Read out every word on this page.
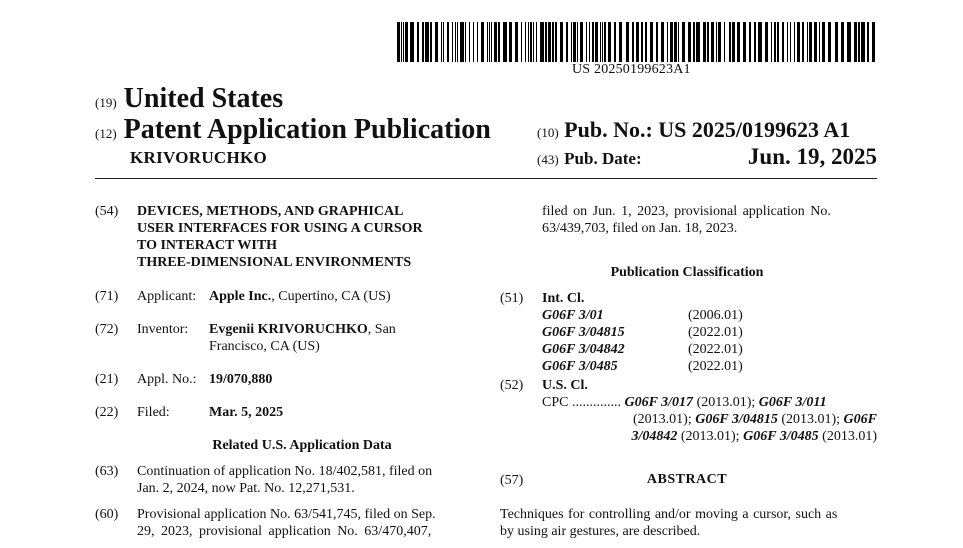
US 20250199623A1
(19) United States
(12) Patent Application Publication
KRIVORUCHKO
(10) Pub. No.: US 2025/0199623 A1
(43) Pub. Date:	Jun. 19, 2025
(54) DEVICES, METHODS, AND GRAPHICAL
USER INTERFACES FOR USING A CURSOR
TO INTERACT WITH
THREE-DIMENSIONAL ENVIRONMENTS
(71) Applicant: Apple Inc., Cupertino, CA (US)
(72) Inventor: Evgenii KRIVORUCHKO, San
Francisco, CA (US)
(21) Appl. No.: 19/070,880
(22) Filed:	Mar. 5, 2025
Related U.S. Application Data
(63) Continuation of application No. 18/402,581, filed on
Jan. 2, 2024, now Pat. No. 12,271,531.
(60) Provisional application No. 63/541,745, filed on Sep.
29, 2023, provisional application No. 63/470,407,
filed on Jun. 1, 2023, provisional application No.
63/439,703, filed on Jan. 18, 2023.
Publication Classification
(51) Int. Cl.
G06F 3/01	(2006.01)
G06F 3/04815	(2022.01)
G06F 3/04842	(2022.01)
G06F 3/0485	(2022.01)
(52) U.S. Cl.
CPC .............. G06F 3/017 (2013.01); G06F 3/011
(2013.01); G06F 3/04815 (2013.01); G06F
3/04842 (2013.01); G06F 3/0485 (2013.01)
(57)	ABSTRACT
Techniques for controlling and/or moving a cursor, such as
by using air gestures, are described.
